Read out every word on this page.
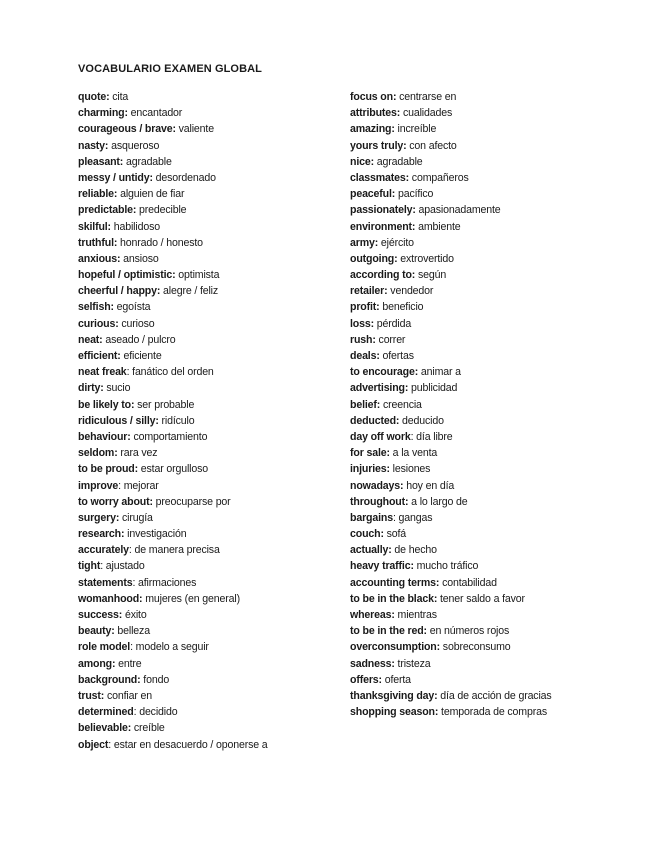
VOCABULARIO EXAMEN GLOBAL
quote: cita
charming: encantador
courageous / brave: valiente
nasty: asqueroso
pleasant: agradable
messy / untidy: desordenado
reliable: alguien de fiar
predictable: predecible
skilful: habilidoso
truthful: honrado / honesto
anxious: ansioso
hopeful / optimistic: optimista
cheerful / happy: alegre / feliz
selfish: egoísta
curious: curioso
neat: aseado / pulcro
efficient: eficiente
neat freak: fanático del orden
dirty: sucio
be likely to: ser probable
ridiculous / silly: ridículo
behaviour: comportamiento
seldom: rara vez
to be proud: estar orgulloso
improve: mejorar
to worry about: preocuparse por
surgery: cirugía
research: investigación
accurately: de manera precisa
tight: ajustado
statements: afirmaciones
womanhood: mujeres (en general)
success: éxito
beauty: belleza
role model: modelo a seguir
among: entre
background: fondo
trust: confiar en
determined: decidido
believable: creíble
object: estar en desacuerdo / oponerse a
focus on: centrarse en
attributes: cualidades
amazing: increíble
yours truly: con afecto
nice: agradable
classmates: compañeros
peaceful: pacífico
passionately: apasionadamente
environment: ambiente
army: ejército
outgoing: extrovertido
according to: según
retailer: vendedor
profit: beneficio
loss: pérdida
rush: correr
deals: ofertas
to encourage: animar a
advertising: publicidad
belief: creencia
deducted: deducido
day off work: día libre
for sale: a la venta
injuries: lesiones
nowadays: hoy en día
throughout: a lo largo de
bargains: gangas
couch: sofá
actually: de hecho
heavy traffic: mucho tráfico
accounting terms: contabilidad
to be in the black: tener saldo a favor
whereas: mientras
to be in the red: en números rojos
overconsumption: sobreconsumo
sadness: tristeza
offers: oferta
thanksgiving day: día de acción de gracias
shopping season: temporada de compras
